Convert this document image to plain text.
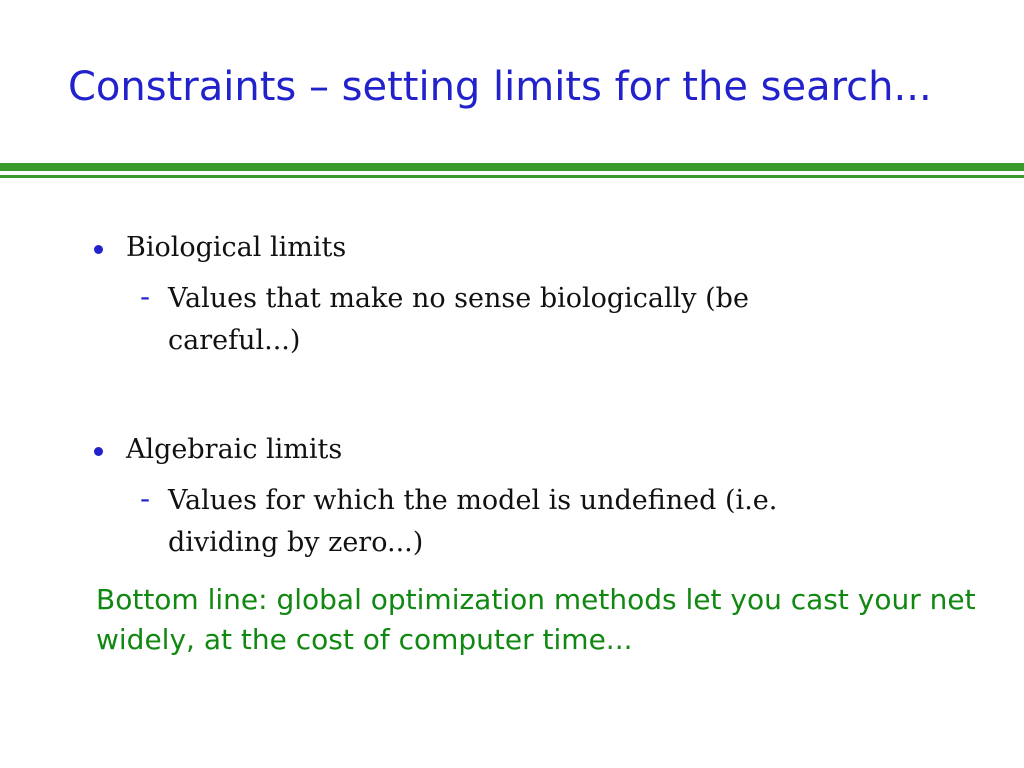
Constraints – setting limits for the search...
Biological limits
- Values that make no sense biologically (be careful...)
Algebraic limits
- Values for which the model is undefined (i.e. dividing by zero...)
Bottom line: global optimization methods let you cast your net widely, at the cost of computer time...
